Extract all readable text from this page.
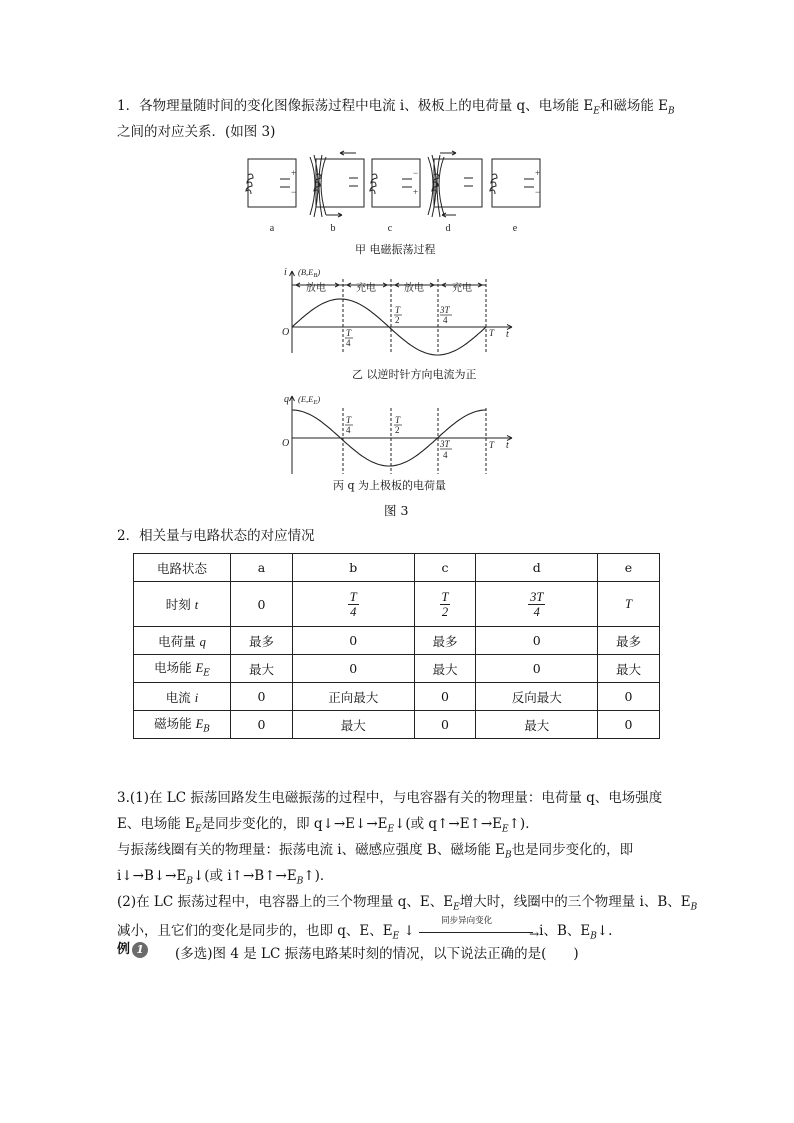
1．各物理量随时间的变化图像振荡过程中电流 i、极板上的电荷量 q、电场能 $E_E$和磁场能 $E_B$
之间的对应关系．(如图 3)
+
−
−
+
+
−
a	b	c	d	e
甲 电磁振荡过程
i $(B,E_B)$
放电	充电	放电	充电
O	t
T
4
T
2
3T
4
T
乙 以逆时针方向电流为正
q $(E,E_E)$
O	t
T
4
T
2
3T
4
T
丙 q 为上极板的电荷量
图 3
2．相关量与电路状态的对应情况
电路状态	a	b	c	d	e
时刻 t	0	$\frac{T}{4}$	$\frac{T}{2}$	$\frac{3T}{4}$	T
电荷量 q	最多	0	最多	0	最多
电场能 $E_E$	最大	0	最大	0	最大
电流 i	0	正向最大	0	反向最大	0
磁场能 $E_B$	0	最大	0	最大	0
3.(1)在 LC 振荡回路发生电磁振荡的过程中，与电容器有关的物理量：电荷量 q、电场强度
E、电场能 $E_E$是同步变化的，即 $q↓\to E↓\to E_E↓$(或 $q↑\to E↑\to E_E↑$)．
与振荡线圈有关的物理量：振荡电流 i、磁感应强度 B、磁场能 $E_B$也是同步变化的，即
$i↓\to B↓\to E_B↓$(或 $i↑\to B↑\to E_B↑$)．
(2)在 LC 振荡过程中，电容器上的三个物理量 q、E、$E_E$增大时，线圈中的三个物理量 i、B、$E_B$
减小，且它们的变化是同步的，也即 q、E、$E_E$ ↓
同步异向变化
→ i、B、$E_B↓$.
例 1	(多选)图 4 是 LC 振荡电路某时刻的情况，以下说法正确的是(　　)
